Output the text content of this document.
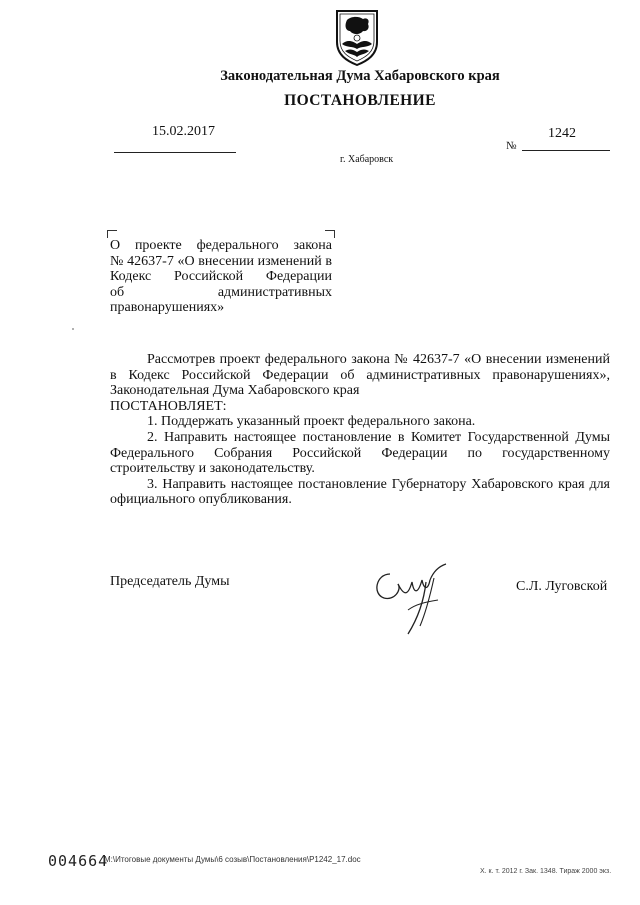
Законодательная Дума Хабаровского края
ПОСТАНОВЛЕНИЕ
15.02.2017
№
1242
г. Хабаровск
О проекте федерального закона
№ 42637-7 «О внесении изменений в
Кодекс Российской Федерации
об административных
правонарушениях»

Рассмотрев проект федерального закона № 42637-7 «О внесении изменений в Кодекс Российской Федерации об административных правонарушениях», Законодательная Дума Хабаровского края

ПОСТАНОВЛЯЕТ:

1. Поддержать указанный проект федерального закона.

2. Направить настоящее постановление в Комитет Государственной Думы Федерального Собрания Российской Федерации по государственному строительству и законодательству.

3. Направить настоящее постановление Губернатору Хабаровского края для официального опубликования.

Председатель Думы	С.Л. Луговской
004664
М:\Итоговые документы Думы\6 созыв\Постановления\Р1242_17.doc
Х. к. т. 2012 г. Зак. 1348. Тираж 2000 экз.
